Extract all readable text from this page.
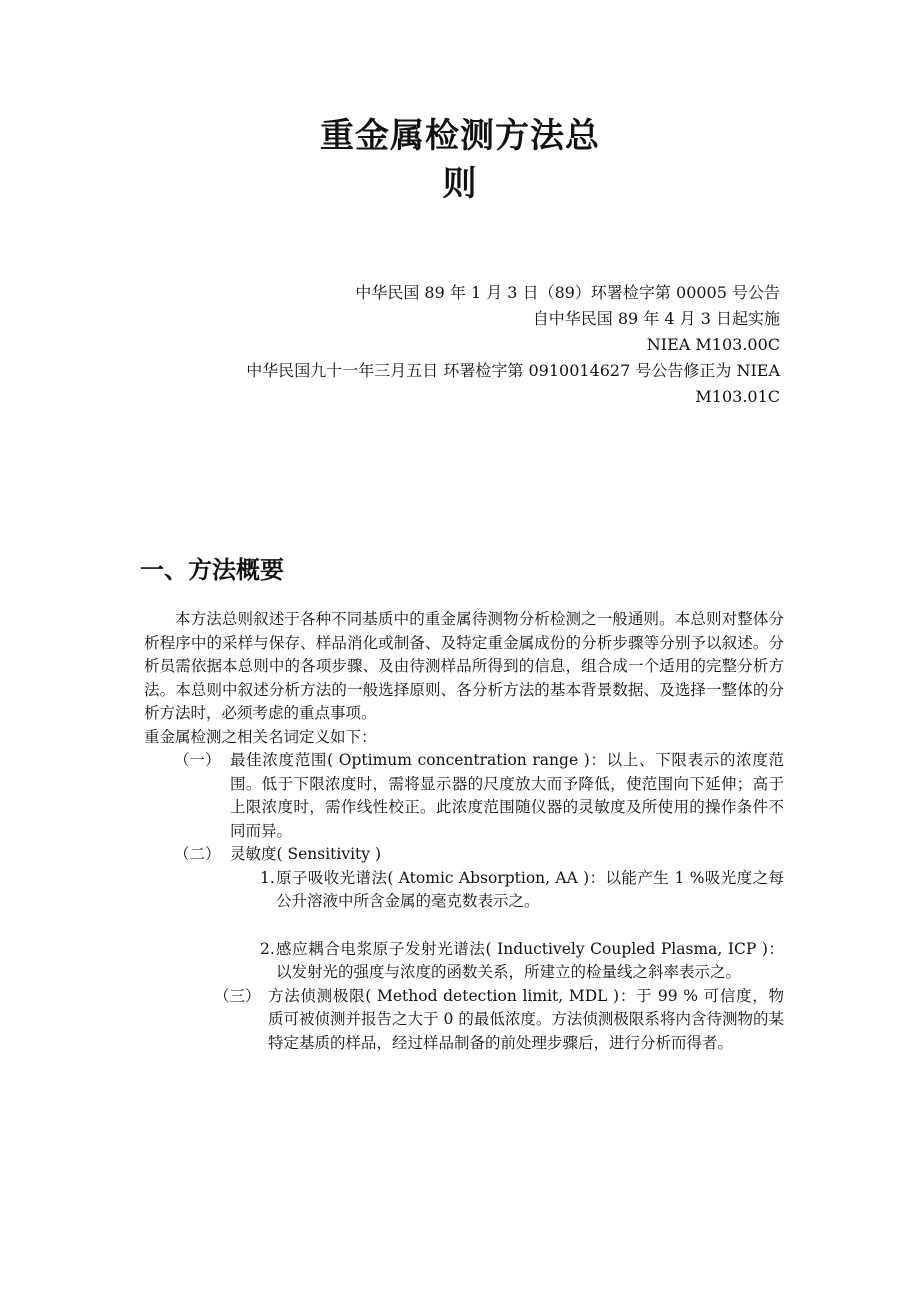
重金属检测方法总
则
中华民国 89 年 1 月 3 日（89）环署检字第 00005 号公告
自中华民国 89 年 4 月 3 日起实施
NIEA M103.00C
中华民国九十一年三月五日 环署检字第 0910014627 号公告修正为 NIEA
M103.01C
一、方法概要

本方法总则叙述于各种不同基质中的重金属待测物分析检测之一般通则。本总则对整体分析程序中的采样与保存、样品消化或制备、及特定重金属成份的分析步骤等分别予以叙述。分析员需依据本总则中的各项步骤、及由待测样品所得到的信息，组合成一个适用的完整分析方法。本总则中叙述分析方法的一般选择原则、各分析方法的基本背景数据、及选择一整体的分析方法时，必须考虑的重点事项。

重金属检测之相关名词定义如下：

（一） 最佳浓度范围( Optimum concentration range )：以上、下限表示的浓度范围。低于下限浓度时，需将显示器的尺度放大而予降低，使范围向下延伸；高于上限浓度时，需作线性校正。此浓度范围随仪器的灵敏度及所使用的操作条件不同而异。
（二） 灵敏度( Sensitivity )
1. 原子吸收光谱法( Atomic Absorption, AA )：以能产生 1 %吸光度之每公升溶液中所含金属的毫克数表示之。
2. 感应耦合电浆原子发射光谱法( Inductively Coupled Plasma, ICP )：以发射光的强度与浓度的函数关系，所建立的检量线之斜率表示之。
（三） 方法侦测极限( Method detection limit, MDL )：于 99 % 可信度，物质可被侦测并报告之大于 0 的最低浓度。方法侦测极限系将内含待测物的某特定基质的样品，经过样品制备的前处理步骤后，进行分析而得者。
